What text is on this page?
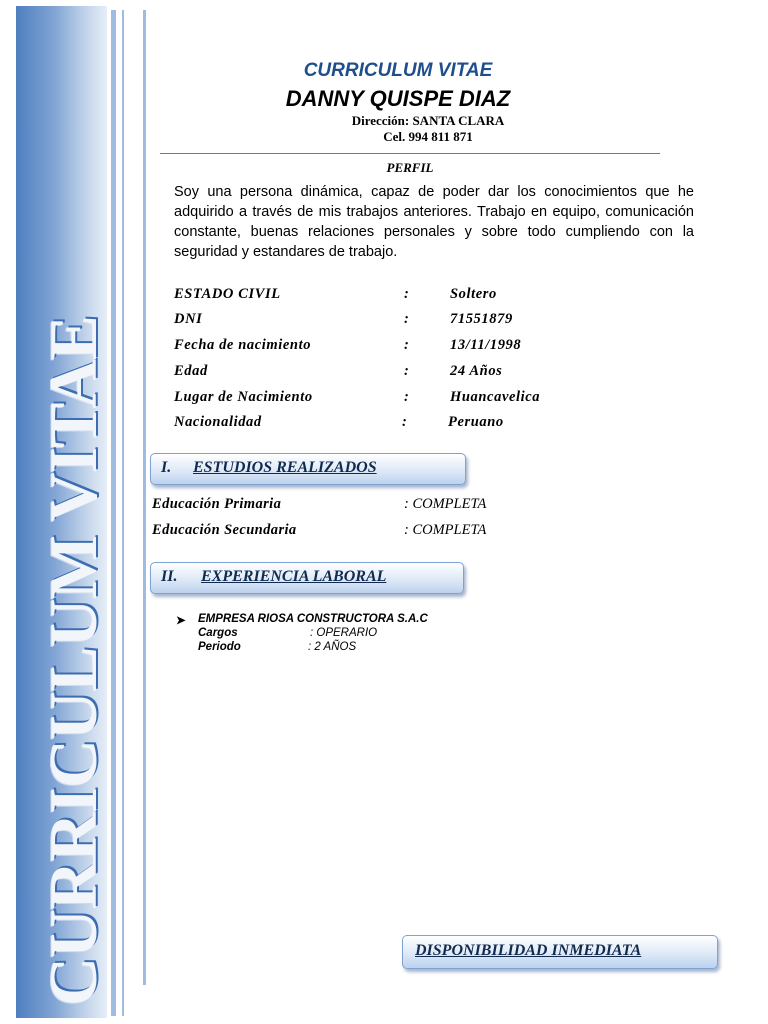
CURRICULUM VITAE
CURRICULUM VITAE
DANNY QUISPE DIAZ
Dirección: SANTA CLARA
Cel. 994 811 871
PERFIL
Soy una persona dinámica, capaz de poder dar los conocimientos que he adquirido a través de mis trabajos anteriores. Trabajo en equipo, comunicación constante, buenas relaciones personales y sobre todo cumpliendo con la seguridad y estandares de trabajo.
ESTADO CIVIL	:	Soltero
DNI	:	71551879
Fecha de nacimiento	:	13/11/1998
Edad	:	24 Años
Lugar de Nacimiento	:	Huancavelica
Nacionalidad	:	Peruano
I. ESTUDIOS REALIZADOS
Educación Primaria	: COMPLETA
Educación Secundaria	: COMPLETA
II. EXPERIENCIA LABORAL
➤ EMPRESA RIOSA CONSTRUCTORA S.A.C
Cargos	: OPERARIO
Periodo	: 2 AÑOS
DISPONIBILIDAD INMEDIATA
